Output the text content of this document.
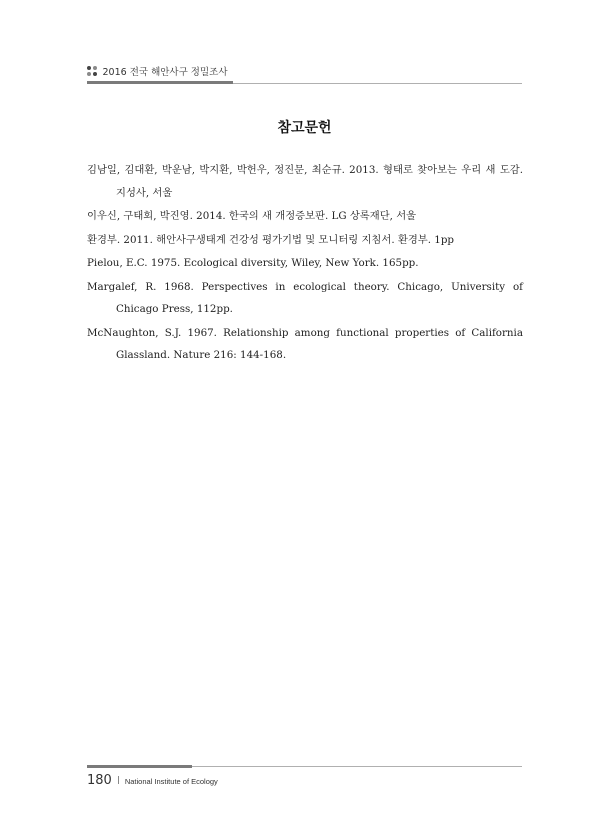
2016 전국 해안사구 정밀조사
참고문헌

김남일, 김대환, 박운남, 박지환, 박헌우, 정진문, 최순규. 2013. 형태로 찾아보는 우리 새 도감. 지성사, 서울

이우신, 구태회, 박진영. 2014. 한국의 새 개정증보판. LG 상록재단, 서울

환경부. 2011. 해안사구생태계 건강성 평가기법 및 모니터링 지침서. 환경부. 1pp

Pielou, E.C. 1975. Ecological diversity, Wiley, New York. 165pp.

Margalef, R. 1968. Perspectives in ecological theory. Chicago, University of Chicago Press, 112pp.

McNaughton, S.J. 1967. Relationship among functional properties of California Glassland. Nature 216: 144-168.

180 National Institute of Ecology
